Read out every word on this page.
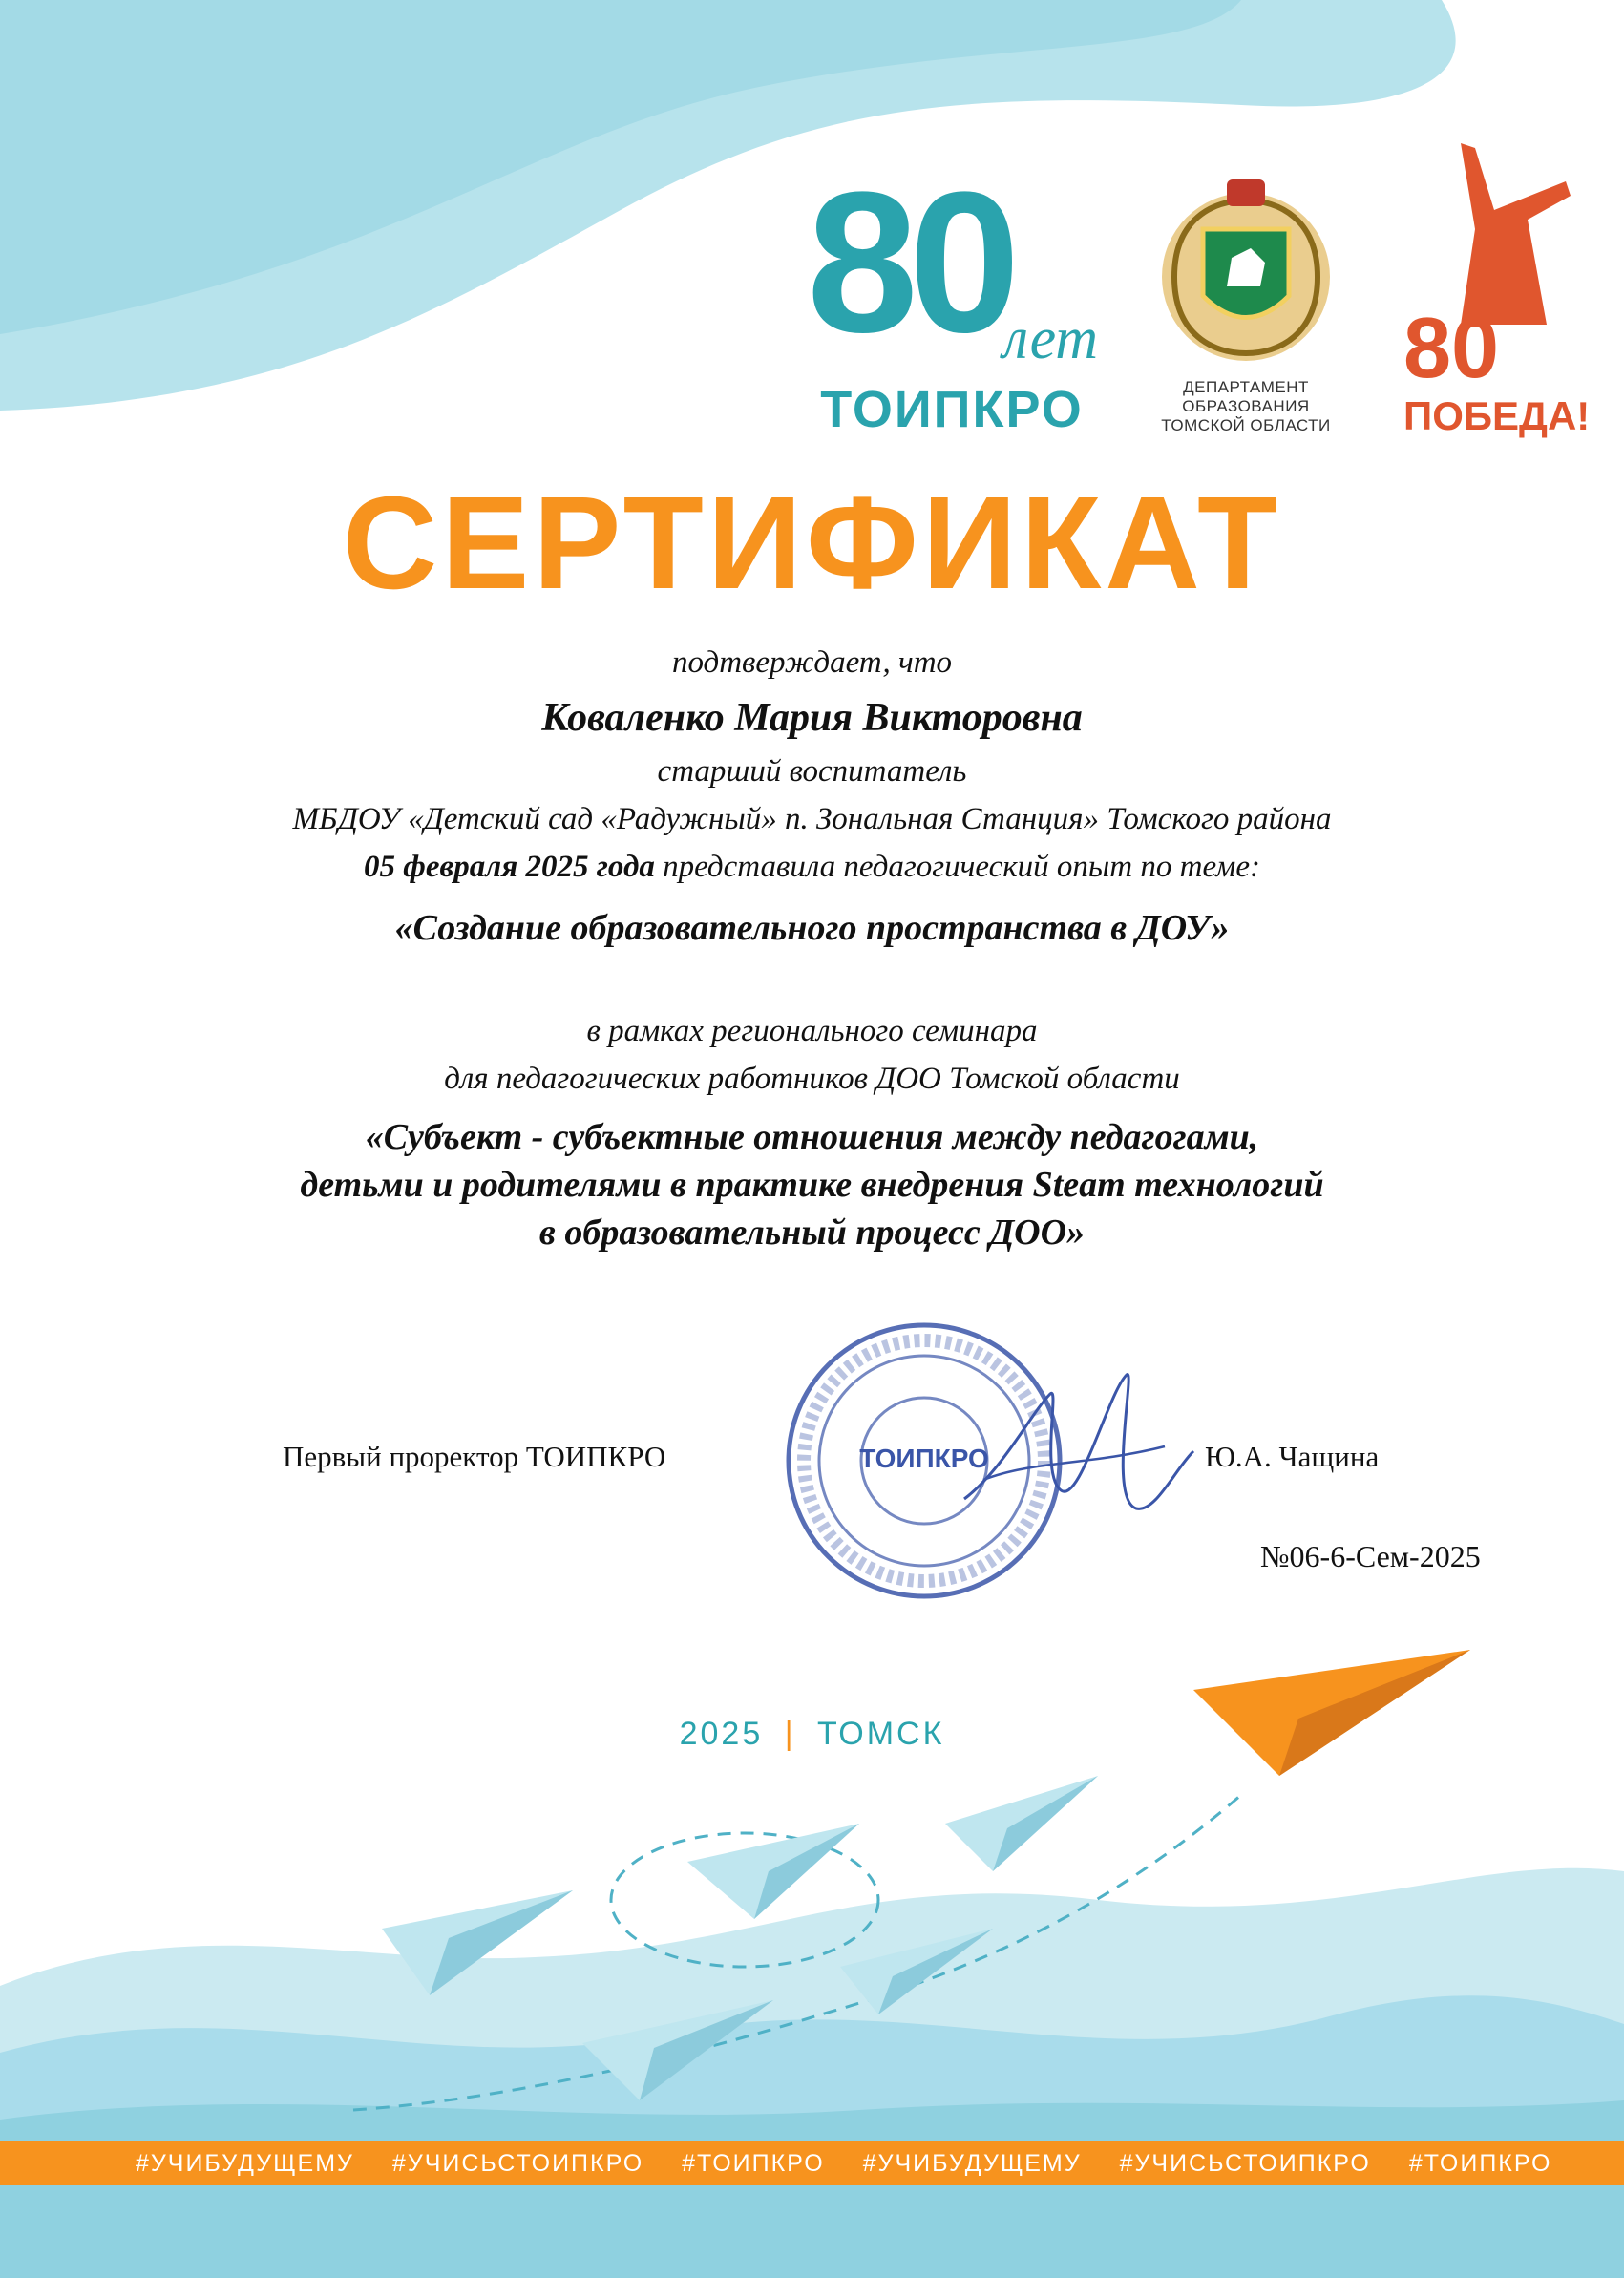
80
лет
ТОИПКРО	ДЕПАРТАМЕНТ
ОБРАЗОВАНИЯ
ТОМСКОЙ ОБЛАСТИ
80
ПОБЕДА!
СЕРТИФИКАТ
подтверждает, что
Коваленко Мария Викторовна
старший воспитатель
МБДОУ «Детский сад «Радужный» п. Зональная Станция» Томского района
05 февраля 2025 года представила педагогический опыт по теме:
«Создание образовательного пространства в ДОУ»
в рамках регионального семинара
для педагогических работников ДОО Томской области
«Субъект - субъектные отношения между педагогами,
детьми и родителями в практике внедрения Steam технологий
в образовательный процесс ДОО»
ТОИПКРО
Первый проректор ТОИПКРО	Ю.А. Чащина
№06-6-Сем-2025
2025 | ТОМСК
#УЧИБУДУЩЕМУ #УЧИСЬСТОИПКРО #ТОИПКРО #УЧИБУДУЩЕМУ #УЧИСЬСТОИПКРО #ТОИПКРО
